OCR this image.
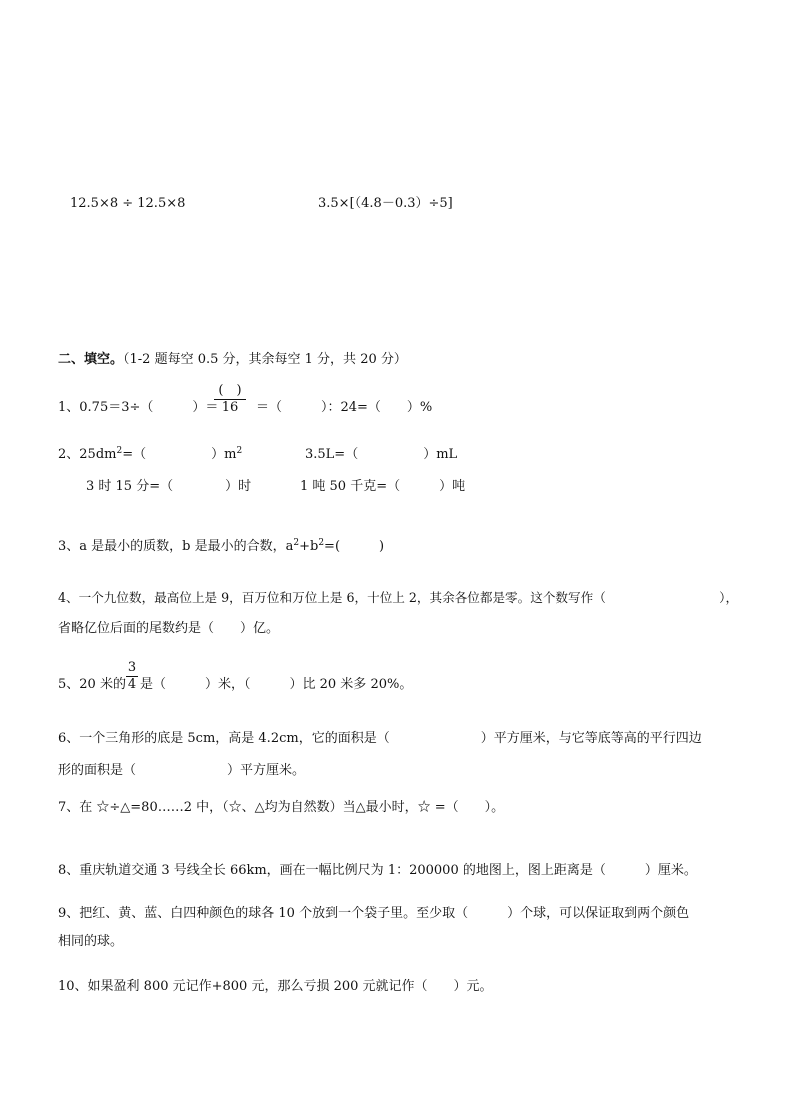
12.5×8 ÷ 12.5×8	3.5×[（4.8－0.3）÷5]
二、填空。（1-2 题每空 0.5 分，其余每空 1 分，共 20 分）
1、0.75＝3÷（　　　）＝
(　)
16	＝（　　　）：24=（　　）%
2、$25dm^2=$（　　　　　）$m^2$	3.5L=（　　　　　）mL
3 时 15 分=（　　　　）时	1 吨 50 千克=（　　　）吨
3、a 是最小的质数，b 是最小的合数，$a^2+b^2=$(　　　)
4、一个九位数，最高位上是 9，百万位和万位上是 6，十位上 2，其余各位都是零。这个数写作（　　　　　　　　　），
省略亿位后面的尾数约是（　　）亿。
5、20 米的
3
4 是（　　　）米，（　　　）比 20 米多 20%。
6、一个三角形的底是 5cm，高是 4.2cm，它的面积是（　　　　　　　）平方厘米，与它等底等高的平行四边
形的面积是（　　　　　　　）平方厘米。
7、在 ☆÷△=80……2 中，（☆、△均为自然数）当△最小时，☆ =（　　）。
8、重庆轨道交通 3 号线全长 66km，画在一幅比例尺为 1：200000 的地图上，图上距离是（　　　）厘米。
9、把红、黄、蓝、白四种颜色的球各 10 个放到一个袋子里。至少取（　　　）个球，可以保证取到两个颜色
相同的球。
10、如果盈利 800 元记作+800 元，那么亏损 200 元就记作（　　）元。
